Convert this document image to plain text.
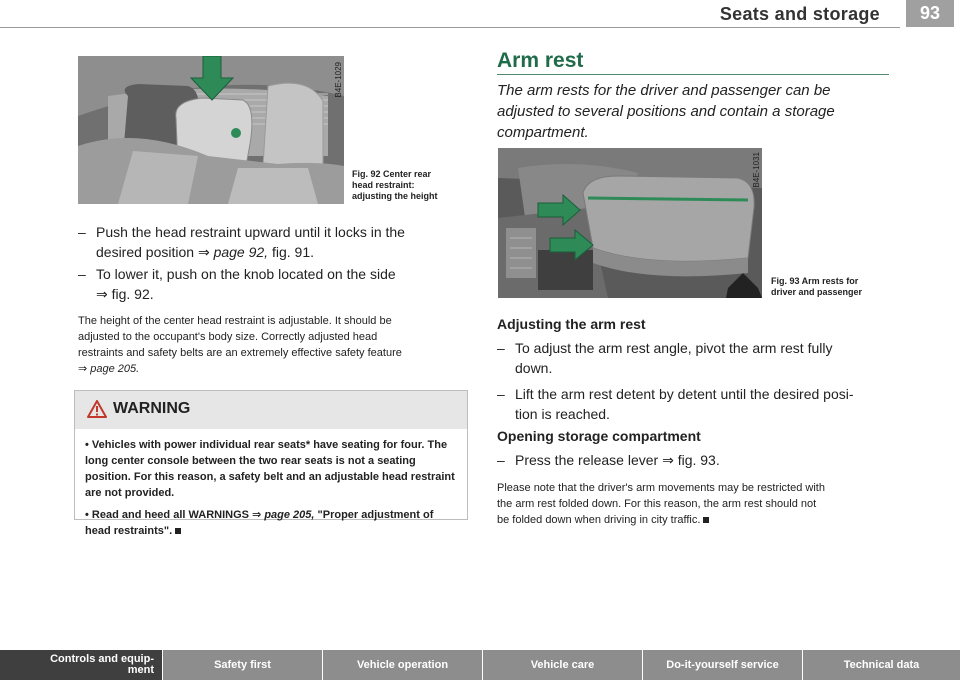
Seats and storage	93
B4E-1029
Fig. 92 Center rear
head restraint:
adjusting the height
– Push the head restraint upward until it locks in the
desired position ⇒ page 92, fig. 91.
– To lower it, push on the knob located on the side
⇒ fig. 92.
The height of the center head restraint is adjustable. It should be
adjusted to the occupant's body size. Correctly adjusted head
restraints and safety belts are an extremely effective safety feature
⇒ page 205.
WARNING

• Vehicles with power individual rear seats* have seating for four. The long center console between the two rear seats is not a seating position. For this reason, a safety belt and an adjustable head restraint are not provided.

• Read and heed all WARNINGS ⇒ page 205, "Proper adjustment of head restraints".

Arm rest
The arm rests for the driver and passenger can be adjusted to several positions and contain a storage compartment.
B4E-1031
Fig. 93 Arm rests for
driver and passenger
Adjusting the arm rest
– To adjust the arm rest angle, pivot the arm rest fully
down.
– Lift the arm rest detent by detent until the desired posi-
tion is reached.
Opening storage compartment
– Press the release lever ⇒ fig. 93.
Please note that the driver's arm movements may be restricted with
the arm rest folded down. For this reason, the arm rest should not
be folded down when driving in city traffic.
Controls and equip-
ment	Safety first	Vehicle operation	Vehicle care	Do-it-yourself service	Technical data
